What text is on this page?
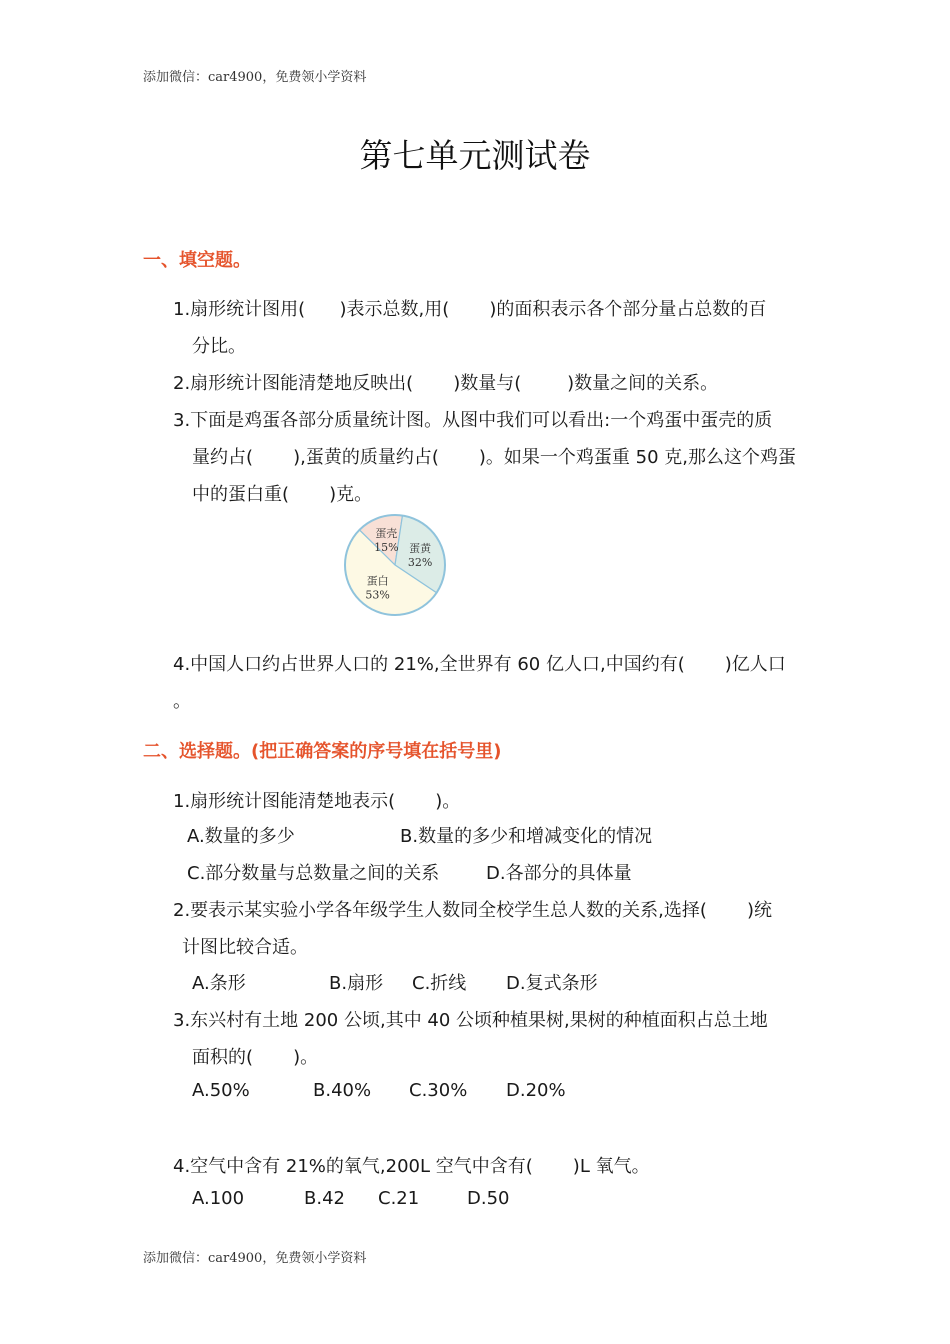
添加微信：car4900，免费领小学资料
第七单元测试卷
一、填空题。
1.扇形统计图用(      )表示总数,用(       )的面积表示各个部分量占总数的百
分比。
2.扇形统计图能清楚地反映出(       )数量与(        )数量之间的关系。
3.下面是鸡蛋各部分质量统计图。从图中我们可以看出:一个鸡蛋中蛋壳的质
量约占(       ),蛋黄的质量约占(       )。如果一个鸡蛋重 50 克,那么这个鸡蛋
中的蛋白重(       )克。
蛋壳
15% 蛋黄
32%
蛋白
53%
4.中国人口约占世界人口的 21%,全世界有 60 亿人口,中国约有(       )亿人口
。
二、选择题。(把正确答案的序号填在括号里)
1.扇形统计图能清楚地表示(       )。
A.数量的多少	B.数量的多少和增减变化的情况
C.部分数量与总数量之间的关系	D.各部分的具体量
2.要表示某实验小学各年级学生人数同全校学生总人数的关系,选择(       )统
计图比较合适。
A.条形	B.扇形 C.折线 D.复式条形
3.东兴村有土地 200 公顷,其中 40 公顷种植果树,果树的种植面积占总土地
面积的(       )。
A.50%	B.40% C.30% D.20%
4.空气中含有 21%的氧气,200L 空气中含有(       )L 氧气。
A.100	B.42 C.21	D.50
添加微信：car4900，免费领小学资料
